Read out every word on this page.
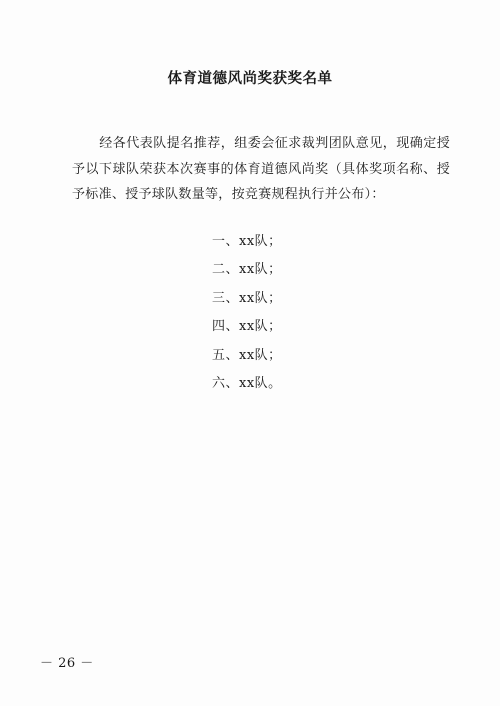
体育道德风尚奖获奖名单

经各代表队提名推荐，组委会征求裁判团队意见，现确定授予以下球队荣获本次赛事的体育道德风尚奖（具体奖项名称、授予标准、授予球队数量等，按竞赛规程执行并公布）：

一、xx队；
二、xx队；
三、xx队；
四、xx队；
五、xx队；
六、xx队。
－ 26 －
